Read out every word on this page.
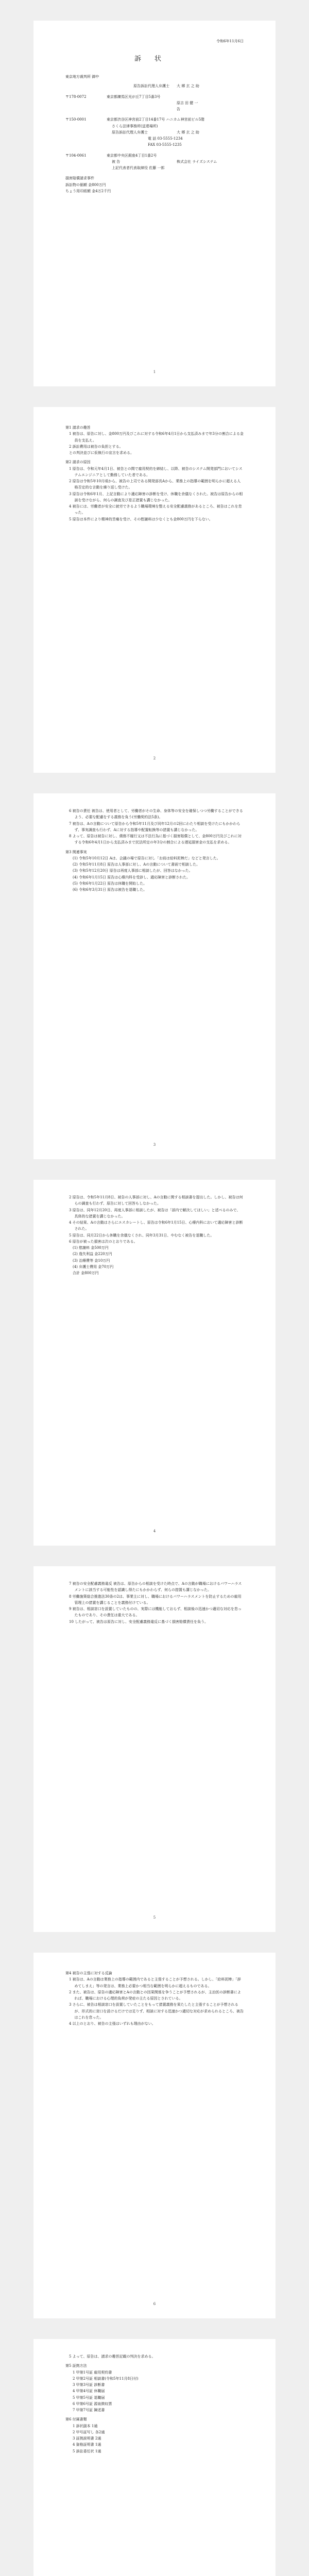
令和6年11月6日
訴状
東京地方裁判所 御中
原告訴訟代理人弁護士	大 郷 玄 之 助
〒178-0072	東京都練馬区光が丘7丁目5番3号
原 告
吉 田 健 一
〒150-0001	東京都渋谷区神宮前2丁目14番17号 ハニカム神宮前ビル5階
さくら法律事務所(送達場所)
原告訴訟代理人弁護士	大 郷 玄 之 助
電 話 03-5555-1234
FAX 03-5555-1235
〒104-0061	東京都中央区銀座4丁目1番2号
被 告	株式会社 ライズシステム
上記代表者代表取締役 佐藤 一郎
損害賠償請求事件
訴訟物の価額 金800万円
ちょう用印紙額 金4万2千円
1
第1 請求の趣旨
1 被告は、原告に対し、金800万円及びこれに対する令和6年4月1日から支払済みまで年3分の割合による金員を支払え。
2 訴訟費用は被告の負担とする。
との判決並びに仮執行の宣言を求める。
第2 請求の原因
1 原告は、令和元年4月1日、被告との間で雇用契約を締結し、以降、被告のシステム開発部門においてシステムエンジニアとして勤務していた者である。
2 原告は令和5年10月頃から、被告の上司である開発部長Aから、業務上の指導の範囲を明らかに超える人格否定的な言動を繰り返し受けた。
3 原告は令和6年1月、上記言動により適応障害の診断を受け、休職を余儀なくされた。被告は原告からの相談を受けながら、何らの調査及び是正措置も講じなかった。
4 被告には、労働者が安全に就労できるよう職場環境を整える安全配慮義務があるところ、被告はこれを怠った。
5 原告は本件により精神的苦痛を受け、その慰謝料は少なくとも金800万円を下らない。
2
6 被告の責任 被告は、使用者として、労働者がその生命、身体等の安全を確保しつつ労働することができるよう、必要な配慮をする義務を負う(労働契約法5条)。
7 被告は、Aの言動について原告から令和5年11月及び同年12月の2回にわたり相談を受けたにもかかわらず、事実調査も行わず、Aに対する指導や配置転換等の措置も講じなかった。
8 よって、原告は被告に対し、債務不履行又は不法行為に基づく損害賠償として、金800万円及びこれに対する令和6年4月1日から支払済みまで民法所定の年3分の割合による遅延損害金の支払を求める。
第3 関連事実
(1) 令和5年10月12日 Aは、会議の場で原告に対し「お前は給料泥棒だ」などと発言した。
(2) 令和5年11月8日 原告は人事部に対し、Aの言動について書面で相談した。
(3) 令和5年12月20日 原告は再度人事部に相談したが、回答はなかった。
(4) 令和6年1月15日 原告は心療内科を受診し、適応障害と診断された。
(5) 令和6年1月22日 原告は休職を開始した。
(6) 令和6年3月31日 原告は被告を退職した。
3
2 原告は、令和5年11月8日、被告の人事部に対し、Aの言動に関する相談書を提出した。しかし、被告は何らの調査も行わず、原告に対して回答もしなかった。
3 原告は、同年12月20日、再度人事部に相談したが、被告は「部内で解決してほしい」と述べるのみで、具体的な措置を講じなかった。
4 その結果、Aの言動はさらにエスカレートし、原告は令和6年1月15日、心療内科において適応障害と診断された。
5 原告は、同月22日から休職を余儀なくされ、同年3月31日、やむなく被告を退職した。
6 原告が被った損害は次のとおりである。
(1) 慰謝料 金500万円
(2) 逸失利益 金220万円
(3) 治療費等 金10万円
(4) 弁護士費用 金70万円
合計 金800万円
4
7 被告の安全配慮義務違反 被告は、原告からの相談を受けた時点で、Aの言動が職場におけるパワーハラスメントに該当する可能性を認識し得たにもかかわらず、何らの措置も講じなかった。
8 労働施策総合推進法30条の2は、事業主に対し、職場におけるパワーハラスメントを防止するための雇用管理上の措置を講じることを義務付けている。
9 被告は、相談窓口を設置していたものの、実際には機能しておらず、相談後の迅速かつ適切な対応を怠ったものであり、その責任は重大である。
10 したがって、被告は原告に対し、安全配慮義務違反に基づく損害賠償責任を負う。
5
第4 被告の主張に対する反論
1 被告は、Aの言動は業務上の指導の範囲内であると主張することが予想される。しかし、「給料泥棒」「辞めてしまえ」等の発言は、業務上必要かつ相当な範囲を明らかに超えるものである。
2 また、被告は、原告の適応障害とAの言動との因果関係を争うことが予想されるが、主治医の診断書によれば、職場における心理的負荷が発症の主たる原因とされている。
3 さらに、被告は相談窓口を設置していたことをもって措置義務を果たしたと主張することが予想されるが、形式的に窓口を設けるだけでは足りず、相談に対する迅速かつ適切な対応が求められるところ、被告はこれを怠った。
4 以上のとおり、被告の主張はいずれも理由がない。
6
5 よって、原告は、請求の趣旨記載の判決を求める。
第5 証拠方法
1 甲第1号証 雇用契約書
2 甲第2号証 相談書(令和5年11月8日付)
3 甲第3号証 診断書
4 甲第4号証 休職届
5 甲第5号証 退職届
6 甲第6号証 源泉徴収票
7 甲第7号証 陳述書
第6 付属書類
1 訴状副本 1通
2 甲号証写し 各2通
3 証拠説明書 2通
4 資格証明書 1通
5 訴訟委任状 1通
